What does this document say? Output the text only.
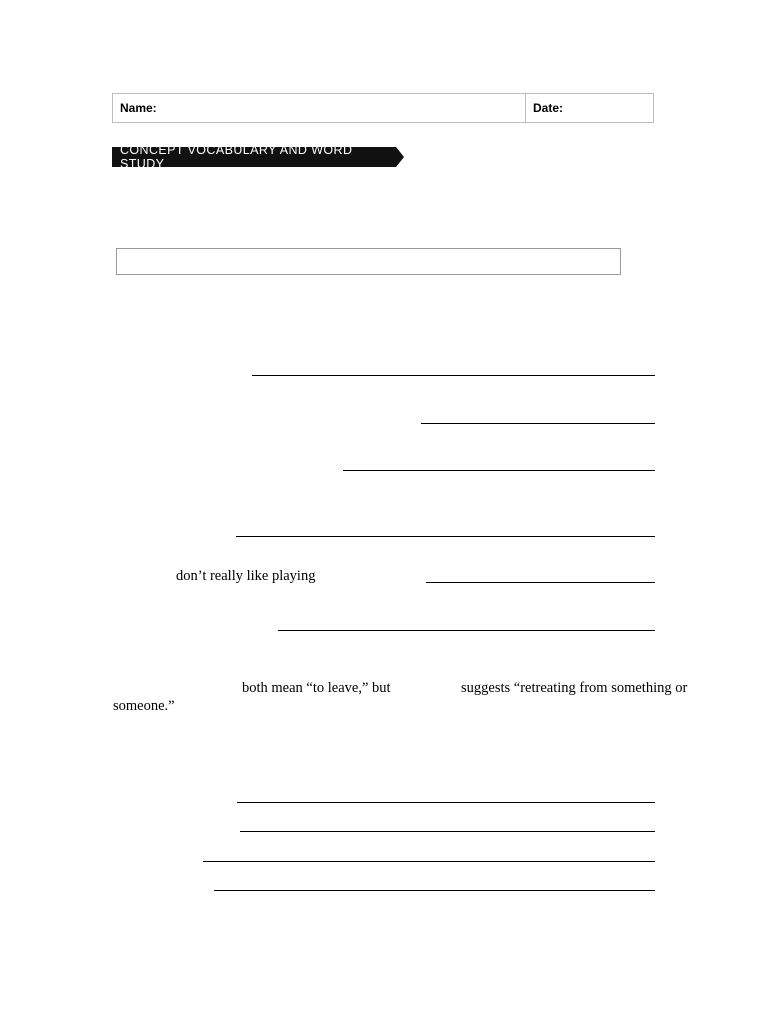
Name:	Date:
CONCEPT VOCABULARY AND WORD STUDY
don’t really like playing
both mean “to leave,” but	suggests “retreating from something or
someone.”
